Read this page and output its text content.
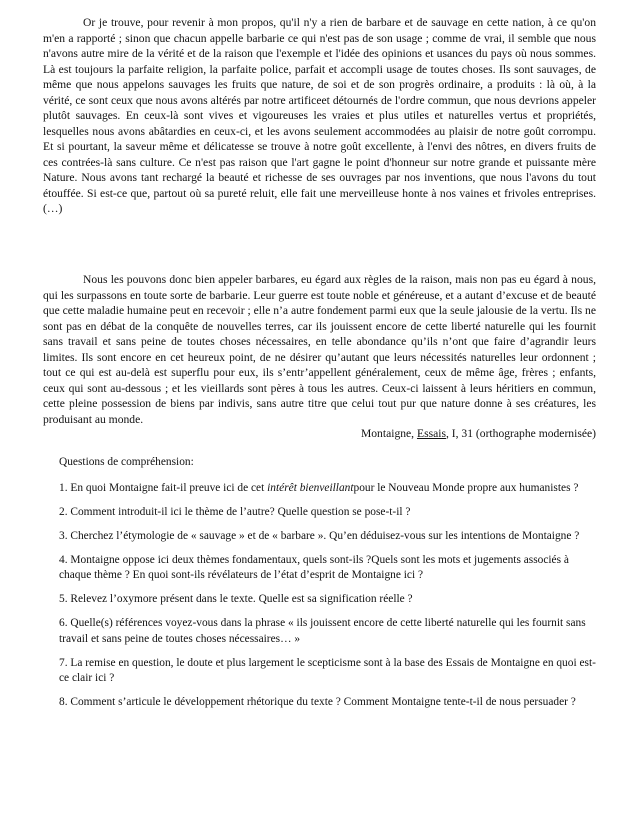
Or je trouve, pour revenir à mon propos, qu'il n'y a rien de barbare et de sauvage en cette nation, à ce qu'on m'en a rapporté ; sinon que chacun appelle barbarie ce qui n'est pas de son usage ; comme de vrai, il semble que nous n'avons autre mire de la vérité et de la raison que l'exemple et l'idée des opinions et usances du pays où nous sommes. Là est toujours la parfaite religion, la parfaite police, parfait et accompli usage de toutes choses. Ils sont sauvages, de même que nous appelons sauvages les fruits que nature, de soi et de son progrès ordinaire, a produits : là où, à la vérité, ce sont ceux que nous avons altérés par notre artificeet détournés de l'ordre commun, que nous devrions appeler plutôt sauvages. En ceux-là sont vives et vigoureuses les vraies et plus utiles et naturelles vertus et propriétés, lesquelles nous avons abâtardies en ceux-ci, et les avons seulement accommodées au plaisir de notre goût corrompu. Et si pourtant, la saveur même et délicatesse se trouve à notre goût excellente, à l'envi des nôtres, en divers fruits de ces contrées-là sans culture. Ce n'est pas raison que l'art gagne le point d'honneur sur notre grande et puissante mère Nature. Nous avons tant rechargé la beauté et richesse de ses ouvrages par nos inventions, que nous l'avons du tout étouffée. Si est-ce que, partout où sa pureté reluit, elle fait une merveilleuse honte à nos vaines et frivoles entreprises. (…)

Nous les pouvons donc bien appeler barbares, eu égard aux règles de la raison, mais non pas eu égard à nous, qui les surpassons en toute sorte de barbarie. Leur guerre est toute noble et généreuse, et a autant d’excuse et de beauté que cette maladie humaine peut en recevoir ; elle n’a autre fondement parmi eux que la seule jalousie de la vertu. Ils ne sont pas en débat de la conquête de nouvelles terres, car ils jouissent encore de cette liberté naturelle qui les fournit sans travail et sans peine de toutes choses nécessaires, en telle abondance qu’ils n’ont que faire d’agrandir leurs limites. Ils sont encore en cet heureux point, de ne désirer qu’autant que leurs nécessités naturelles leur ordonnent ; tout ce qui est au-delà est superflu pour eux, ils s’entr’appellent généralement, ceux de même âge, frères ; enfants, ceux qui sont au-dessous ; et les vieillards sont pères à tous les autres. Ceux-ci laissent à leurs héritiers en commun, cette pleine possession de biens par indivis, sans autre titre que celui tout pur que nature donne à ses créatures, les produisant au monde.

Montaigne, Essais, I, 31 (orthographe modernisée)

Questions de compréhension:

1. En quoi Montaigne fait-il preuve ici de cet intérêt bienveillantpour le Nouveau Monde propre aux humanistes ?

2. Comment introduit-il ici le thème de l’autre? Quelle question se pose-t-il ?

3. Cherchez l’étymologie de « sauvage » et de « barbare ». Qu’en déduisez-vous sur les intentions de Montaigne ?

4. Montaigne oppose ici deux thèmes fondamentaux, quels sont-ils ?Quels sont les mots et jugements associés à chaque thème ? En quoi sont-ils révélateurs de l’état d’esprit de Montaigne ici ?

5. Relevez l’oxymore présent dans le texte. Quelle est sa signification réelle ?

6. Quelle(s) références voyez-vous dans la phrase « ils jouissent encore de cette liberté naturelle qui les fournit sans travail et sans peine de toutes choses nécessaires… »

7. La remise en question, le doute et plus largement le scepticisme sont à la base des Essais de Montaigne en quoi est-ce clair ici ?

8. Comment s’articule le développement rhétorique du texte ? Comment Montaigne tente-t-il de nous persuader ?
